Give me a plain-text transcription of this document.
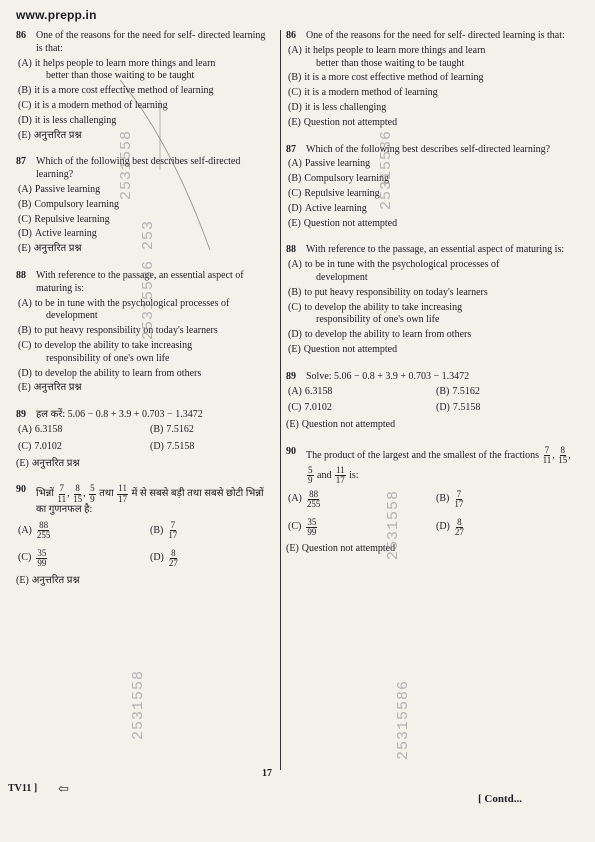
www.prepp.in
86	One of the reasons for the need for self- directed learning is that:
(A) it helps people to learn more things and learn
better than those waiting to be taught
(B) it is a more cost effective method of learning
(C) it is a modern method of learning
(D) it is less challenging
(E) अनुत्तरित प्रश्न
87	Which of the following best describes self-directed learning?
(A) Passive learning
(B) Compulsory learning
(C) Repulsive learning
(D) Active learning
(E) अनुत्तरित प्रश्न
88	With reference to the passage, an essential aspect of maturing is:
(A) to be in tune with the psychological processes of
development
(B) to put heavy responsibility on today's learners
(C) to develop the ability to take increasing
responsibility of one's own life
(D) to develop the ability to learn from others
(E) अनुत्तरित प्रश्न
89	हल करें: 5.06 − 0.8 + 3.9 + 0.703 − 1.3472
(A) 6.3158	(B) 7.5162
(C) 7.0102	(D) 7.5158
(E) अनुत्तरित प्रश्न
90	भिन्नों $\frac{7}{11}$ , $\frac{8}{15}$ , $\frac{5}{9}$ तथा $\frac{11}{17}$ में से सबसे बड़ी तथा सबसे छोटी भिन्नों का गुणनफल है:
$(A) \frac{88}{255}$	$(B) \frac{7}{17}$
$(C) \frac{35}{99}$	$(D) \frac{8}{27}$
(E) अनुत्तरित प्रश्न
86	One of the reasons for the need for self- directed learning is that:
(A) it helps people to learn more things and learn
better than those waiting to be taught
(B) it is a more cost effective method of learning
(C) it is a modern method of learning
(D) it is less challenging
(E) Question not attempted
87	Which of the following best describes self-directed learning?
(A) Passive learning
(B) Compulsory learning
(C) Repulsive learning
(D) Active learning
(E) Question not attempted
88	With reference to the passage, an essential aspect of maturing is:
(A) to be in tune with the psychological processes of
development
(B) to put heavy responsibility on today's learners
(C) to develop the ability to take increasing
responsibility of one's own life
(D) to develop the ability to learn from others
(E) Question not attempted
89	Solve: 5.06 − 0.8 + 3.9 + 0.703 − 1.3472
(A) 6.3158	(B) 7.5162
(C) 7.0102	(D) 7.5158
(E) Question not attempted
90	The product of the largest and the smallest of the fractions $\frac{7}{11}$ , $\frac{8}{15}$ ,
$\frac{5}{9}$ and $\frac{11}{17}$ is:
$(A) \frac{88}{255}$	$(B) \frac{7}{17}$
$(C) \frac{35}{99}$	$(D) \frac{8}{27}$
(E) Question not attempted
2531558
25315586 253
2531558
25315586
2531558
25315586
17
TV11 ] ⇦
[ Contd...
